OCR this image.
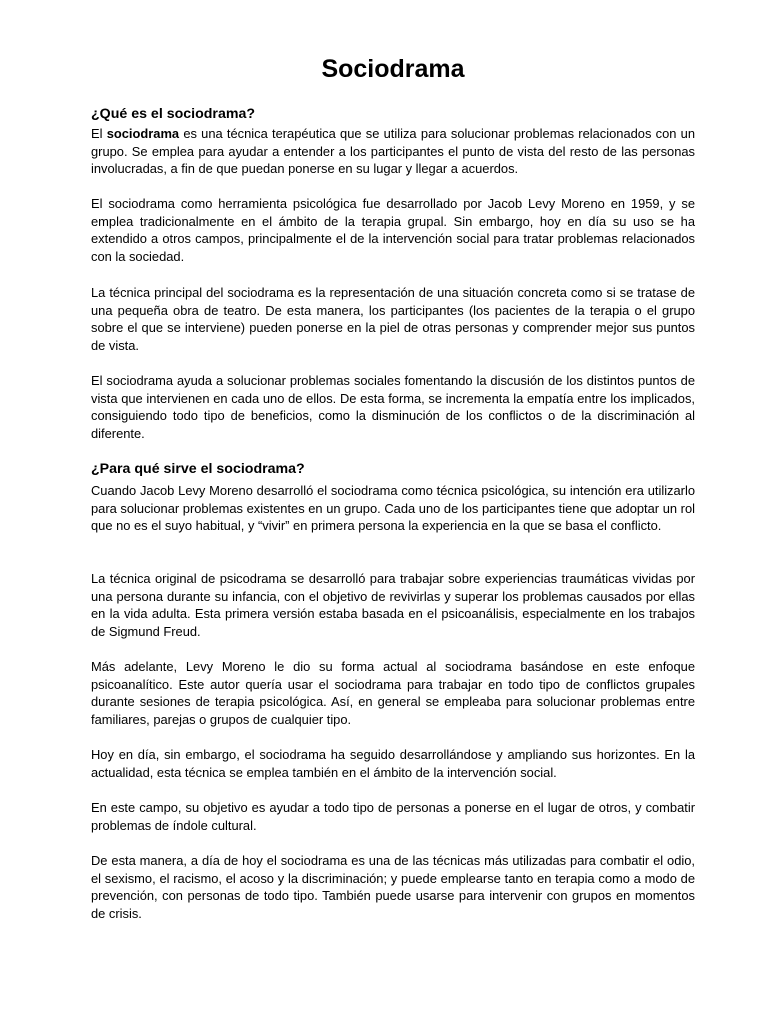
Sociodrama
¿Qué es el sociodrama?

El sociodrama es una técnica terapéutica que se utiliza para solucionar problemas relacionados con un grupo. Se emplea para ayudar a entender a los participantes el punto de vista del resto de las personas involucradas, a fin de que puedan ponerse en su lugar y llegar a acuerdos.

El sociodrama como herramienta psicológica fue desarrollado por Jacob Levy Moreno en 1959, y se emplea tradicionalmente en el ámbito de la terapia grupal. Sin embargo, hoy en día su uso se ha extendido a otros campos, principalmente el de la intervención social para tratar problemas relacionados con la sociedad.

La técnica principal del sociodrama es la representación de una situación concreta como si se tratase de una pequeña obra de teatro. De esta manera, los participantes (los pacientes de la terapia o el grupo sobre el que se interviene) pueden ponerse en la piel de otras personas y comprender mejor sus puntos de vista.

El sociodrama ayuda a solucionar problemas sociales fomentando la discusión de los distintos puntos de vista que intervienen en cada uno de ellos. De esta forma, se incrementa la empatía entre los implicados, consiguiendo todo tipo de beneficios, como la disminución de los conflictos o de la discriminación al diferente.

¿Para qué sirve el sociodrama?

Cuando Jacob Levy Moreno desarrolló el sociodrama como técnica psicológica, su intención era utilizarlo para solucionar problemas existentes en un grupo. Cada uno de los participantes tiene que adoptar un rol que no es el suyo habitual, y “vivir” en primera persona la experiencia en la que se basa el conflicto.

La técnica original de psicodrama se desarrolló para trabajar sobre experiencias traumáticas vividas por una persona durante su infancia, con el objetivo de revivirlas y superar los problemas causados por ellas en la vida adulta. Esta primera versión estaba basada en el psicoanálisis, especialmente en los trabajos de Sigmund Freud.

Más adelante, Levy Moreno le dio su forma actual al sociodrama basándose en este enfoque psicoanalítico. Este autor quería usar el sociodrama para trabajar en todo tipo de conflictos grupales durante sesiones de terapia psicológica. Así, en general se empleaba para solucionar problemas entre familiares, parejas o grupos de cualquier tipo.

Hoy en día, sin embargo, el sociodrama ha seguido desarrollándose y ampliando sus horizontes. En la actualidad, esta técnica se emplea también en el ámbito de la intervención social.

En este campo, su objetivo es ayudar a todo tipo de personas a ponerse en el lugar de otros, y combatir problemas de índole cultural.

De esta manera, a día de hoy el sociodrama es una de las técnicas más utilizadas para combatir el odio, el sexismo, el racismo, el acoso y la discriminación; y puede emplearse tanto en terapia como a modo de prevención, con personas de todo tipo. También puede usarse para intervenir con grupos en momentos de crisis.
